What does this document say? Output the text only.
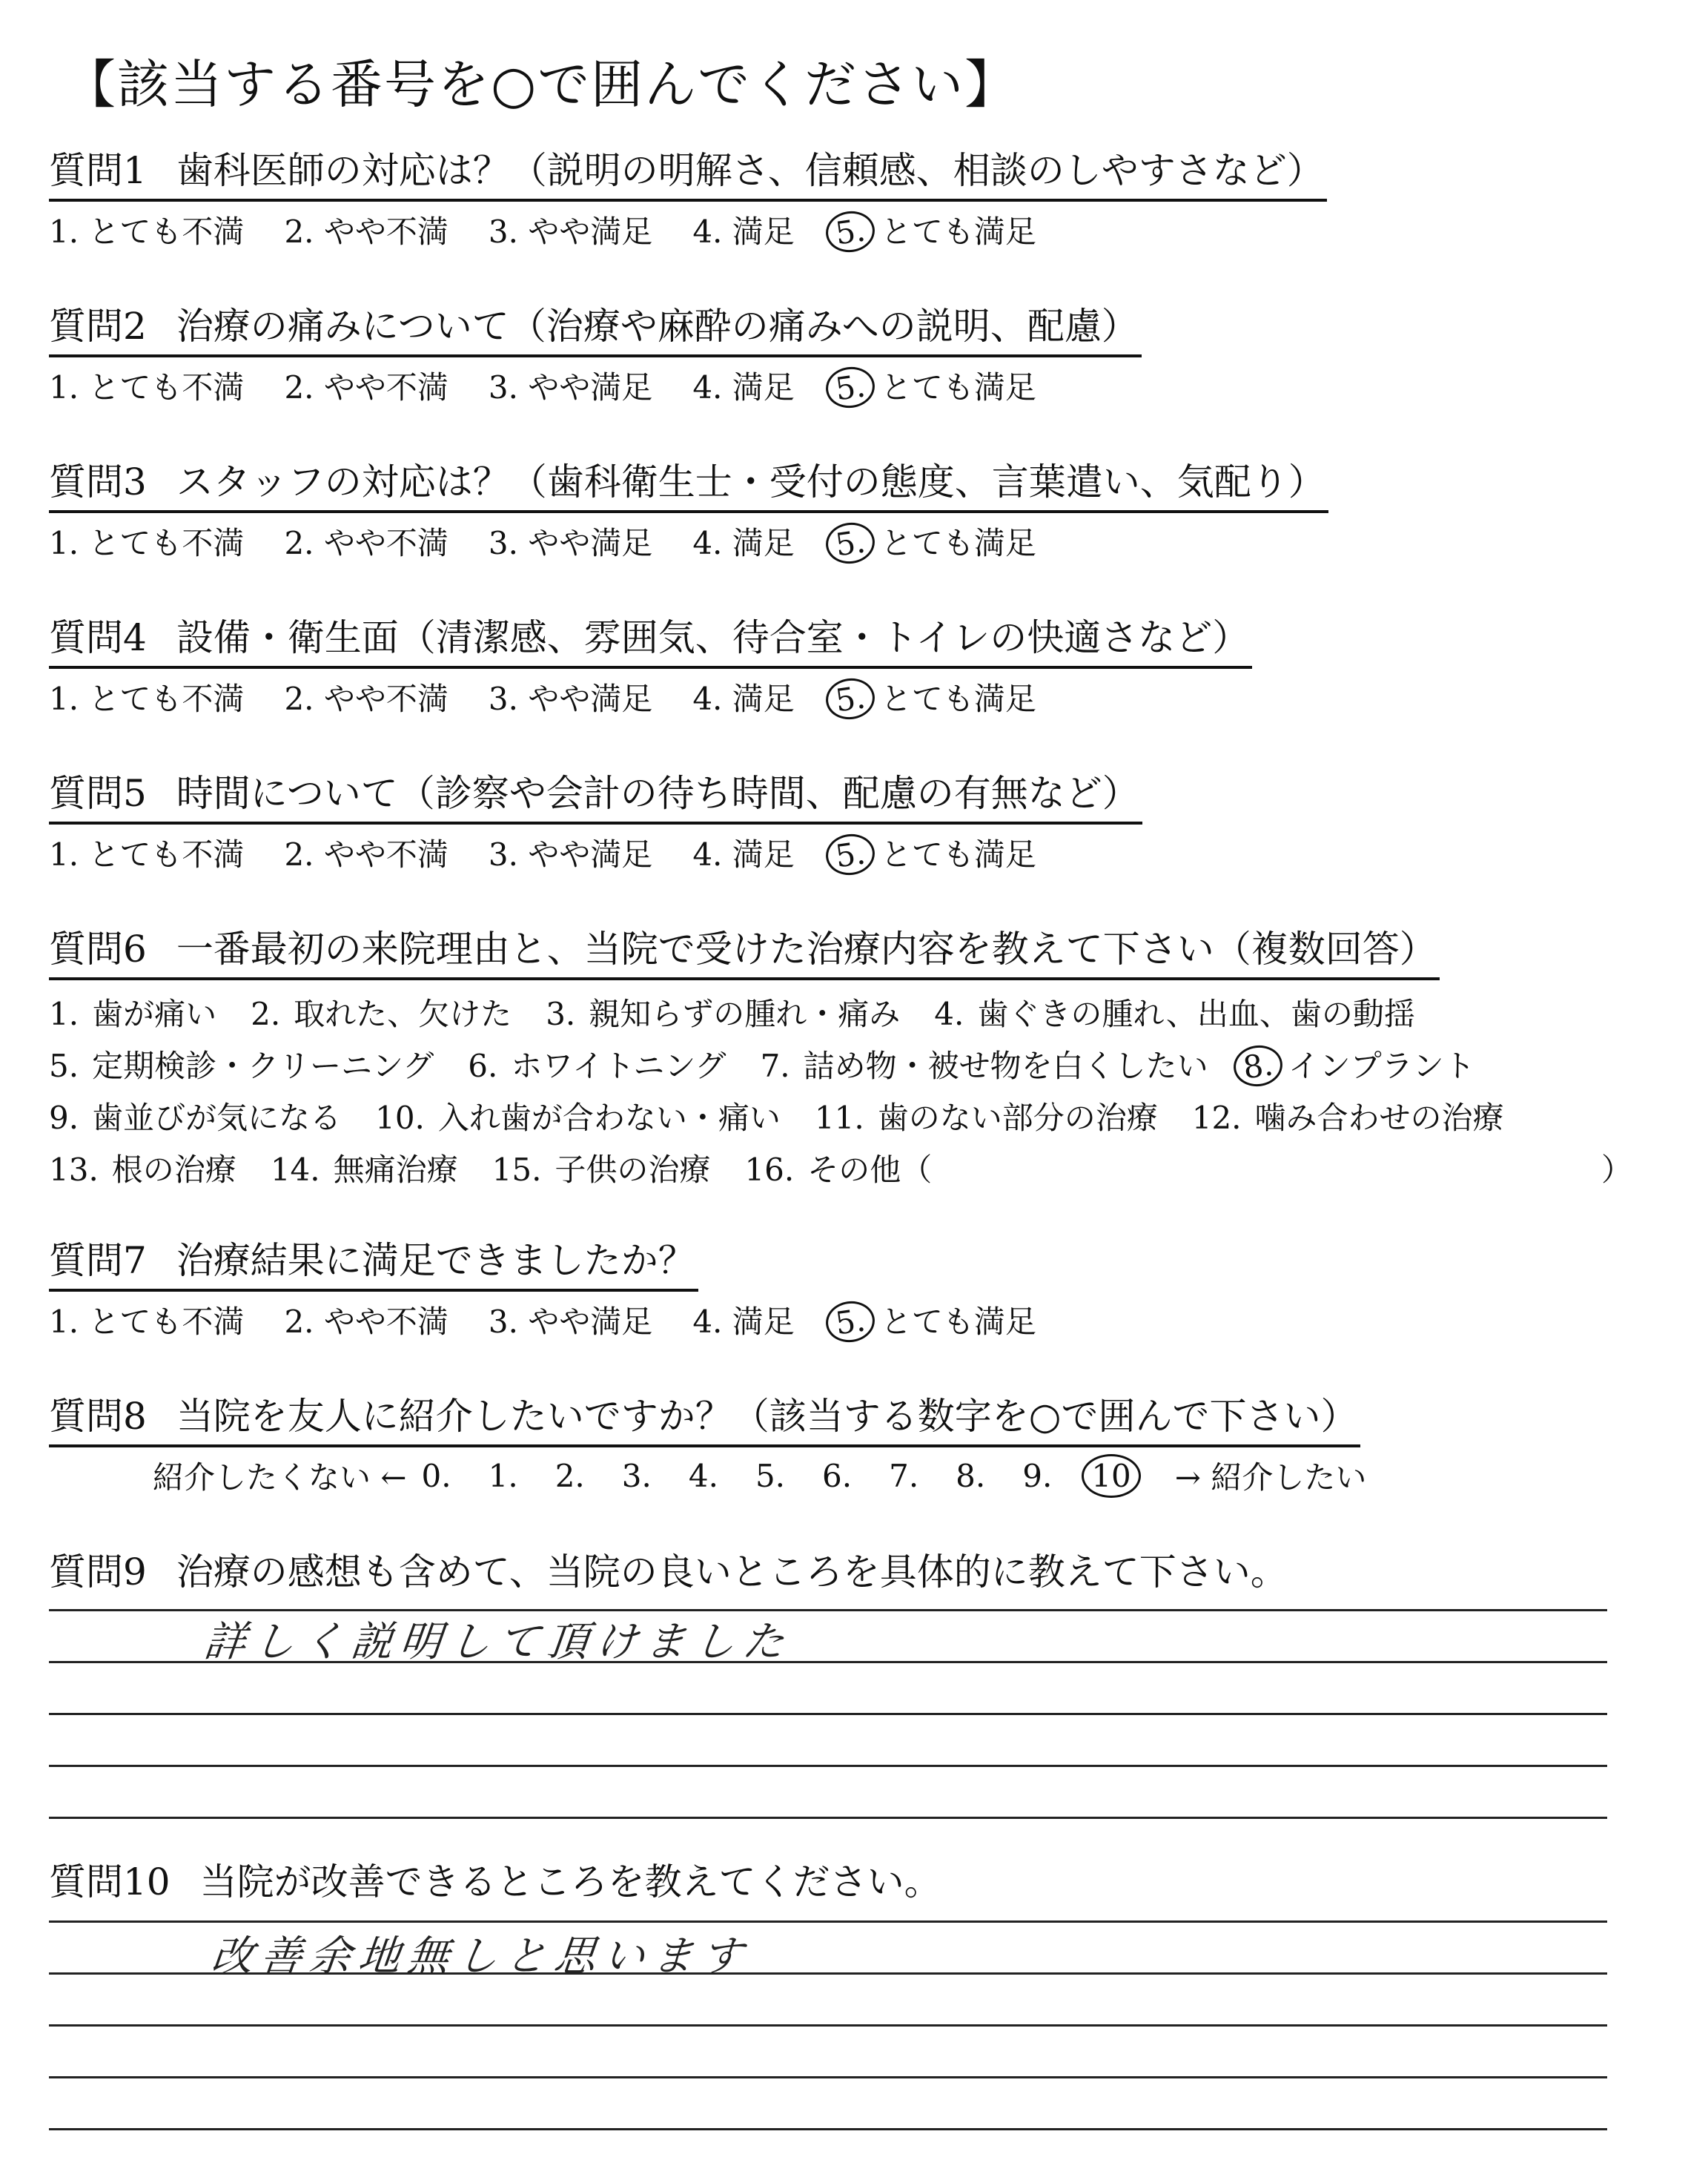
【該当する番号を○で囲んでください】
質問1 歯科医師の対応は？（説明の明解さ、信頼感、相談のしやすさなど）
1. とても不満 2. やや不満 3. やや満足 4. 満足 5. とても満足
質問2 治療の痛みについて（治療や麻酔の痛みへの説明、配慮）
1. とても不満 2. やや不満 3. やや満足 4. 満足 5. とても満足
質問3 スタッフの対応は？（歯科衛生士・受付の態度、言葉遣い、気配り）
1. とても不満 2. やや不満 3. やや満足 4. 満足 5. とても満足
質問4 設備・衛生面（清潔感、雰囲気、待合室・トイレの快適さなど）
1. とても不満 2. やや不満 3. やや満足 4. 満足 5. とても満足
質問5 時間について（診察や会計の待ち時間、配慮の有無など）
1. とても不満 2. やや不満 3. やや満足 4. 満足 5. とても満足
質問6 一番最初の来院理由と、当院で受けた治療内容を教えて下さい（複数回答）
1. 歯が痛い 2. 取れた、欠けた 3. 親知らずの腫れ・痛み 4. 歯ぐきの腫れ、出血、歯の動揺
5. 定期検診・クリーニング 6. ホワイトニング 7. 詰め物・被せ物を白くしたい 8. インプラント
9. 歯並びが気になる 10. 入れ歯が合わない・痛い 11. 歯のない部分の治療 12. 噛み合わせの治療
13. 根の治療 14. 無痛治療 15. 子供の治療 16. その他（	）
質問7 治療結果に満足できましたか？
1. とても不満 2. やや不満 3. やや満足 4. 満足 5. とても満足
質問8 当院を友人に紹介したいですか？（該当する数字を○で囲んで下さい）
紹介したくない ← 0. 1. 2. 3. 4. 5. 6. 7. 8. 9.	10	→ 紹介したい
質問9 治療の感想も含めて、当院の良いところを具体的に教えて下さい。
詳しく説明して頂けました
質問10 当院が改善できるところを教えてください。
改善余地無しと思います
